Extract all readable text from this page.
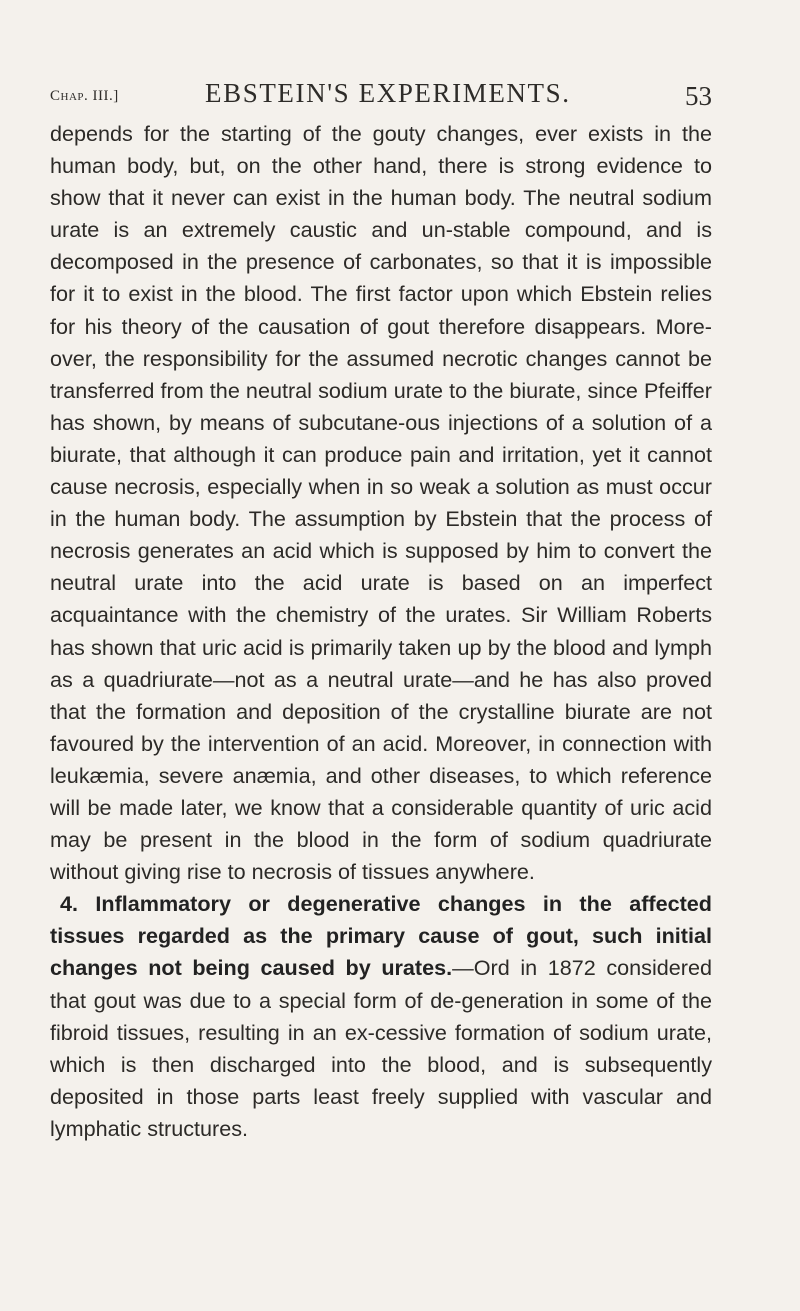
Chap. III.]	EBSTEIN'S EXPERIMENTS.	53

depends for the starting of the gouty changes, ever exists in the human body, but, on the other hand, there is strong evidence to show that it never can exist in the human body. The neutral sodium urate is an extremely caustic and un-stable compound, and is decomposed in the presence of carbonates, so that it is impossible for it to exist in the blood. The first factor upon which Ebstein relies for his theory of the causation of gout therefore disappears. More-over, the responsibility for the assumed necrotic changes cannot be transferred from the neutral sodium urate to the biurate, since Pfeiffer has shown, by means of subcutane-ous injections of a solution of a biurate, that although it can produce pain and irritation, yet it cannot cause necrosis, especially when in so weak a solution as must occur in the human body. The assumption by Ebstein that the process of necrosis generates an acid which is supposed by him to convert the neutral urate into the acid urate is based on an imperfect acquaintance with the chemistry of the urates. Sir William Roberts has shown that uric acid is primarily taken up by the blood and lymph as a quadriurate—not as a neutral urate—and he has also proved that the formation and deposition of the crystalline biurate are not favoured by the intervention of an acid. Moreover, in connection with leukæmia, severe anæmia, and other diseases, to which reference will be made later, we know that a considerable quantity of uric acid may be present in the blood in the form of sodium quadriurate without giving rise to necrosis of tissues anywhere.

4. Inflammatory or degenerative changes in the affected tissues regarded as the primary cause of gout, such initial changeѕ not being caused by urates.—Ord in 1872 considered that gout was due to a special form of de-generation in some of the fibroid tissues, resulting in an ex-cessive formation of sodium urate, which is then discharged into the blood, and is subsequently deposited in those parts least freely supplied with vascular and lymphatic structures.
